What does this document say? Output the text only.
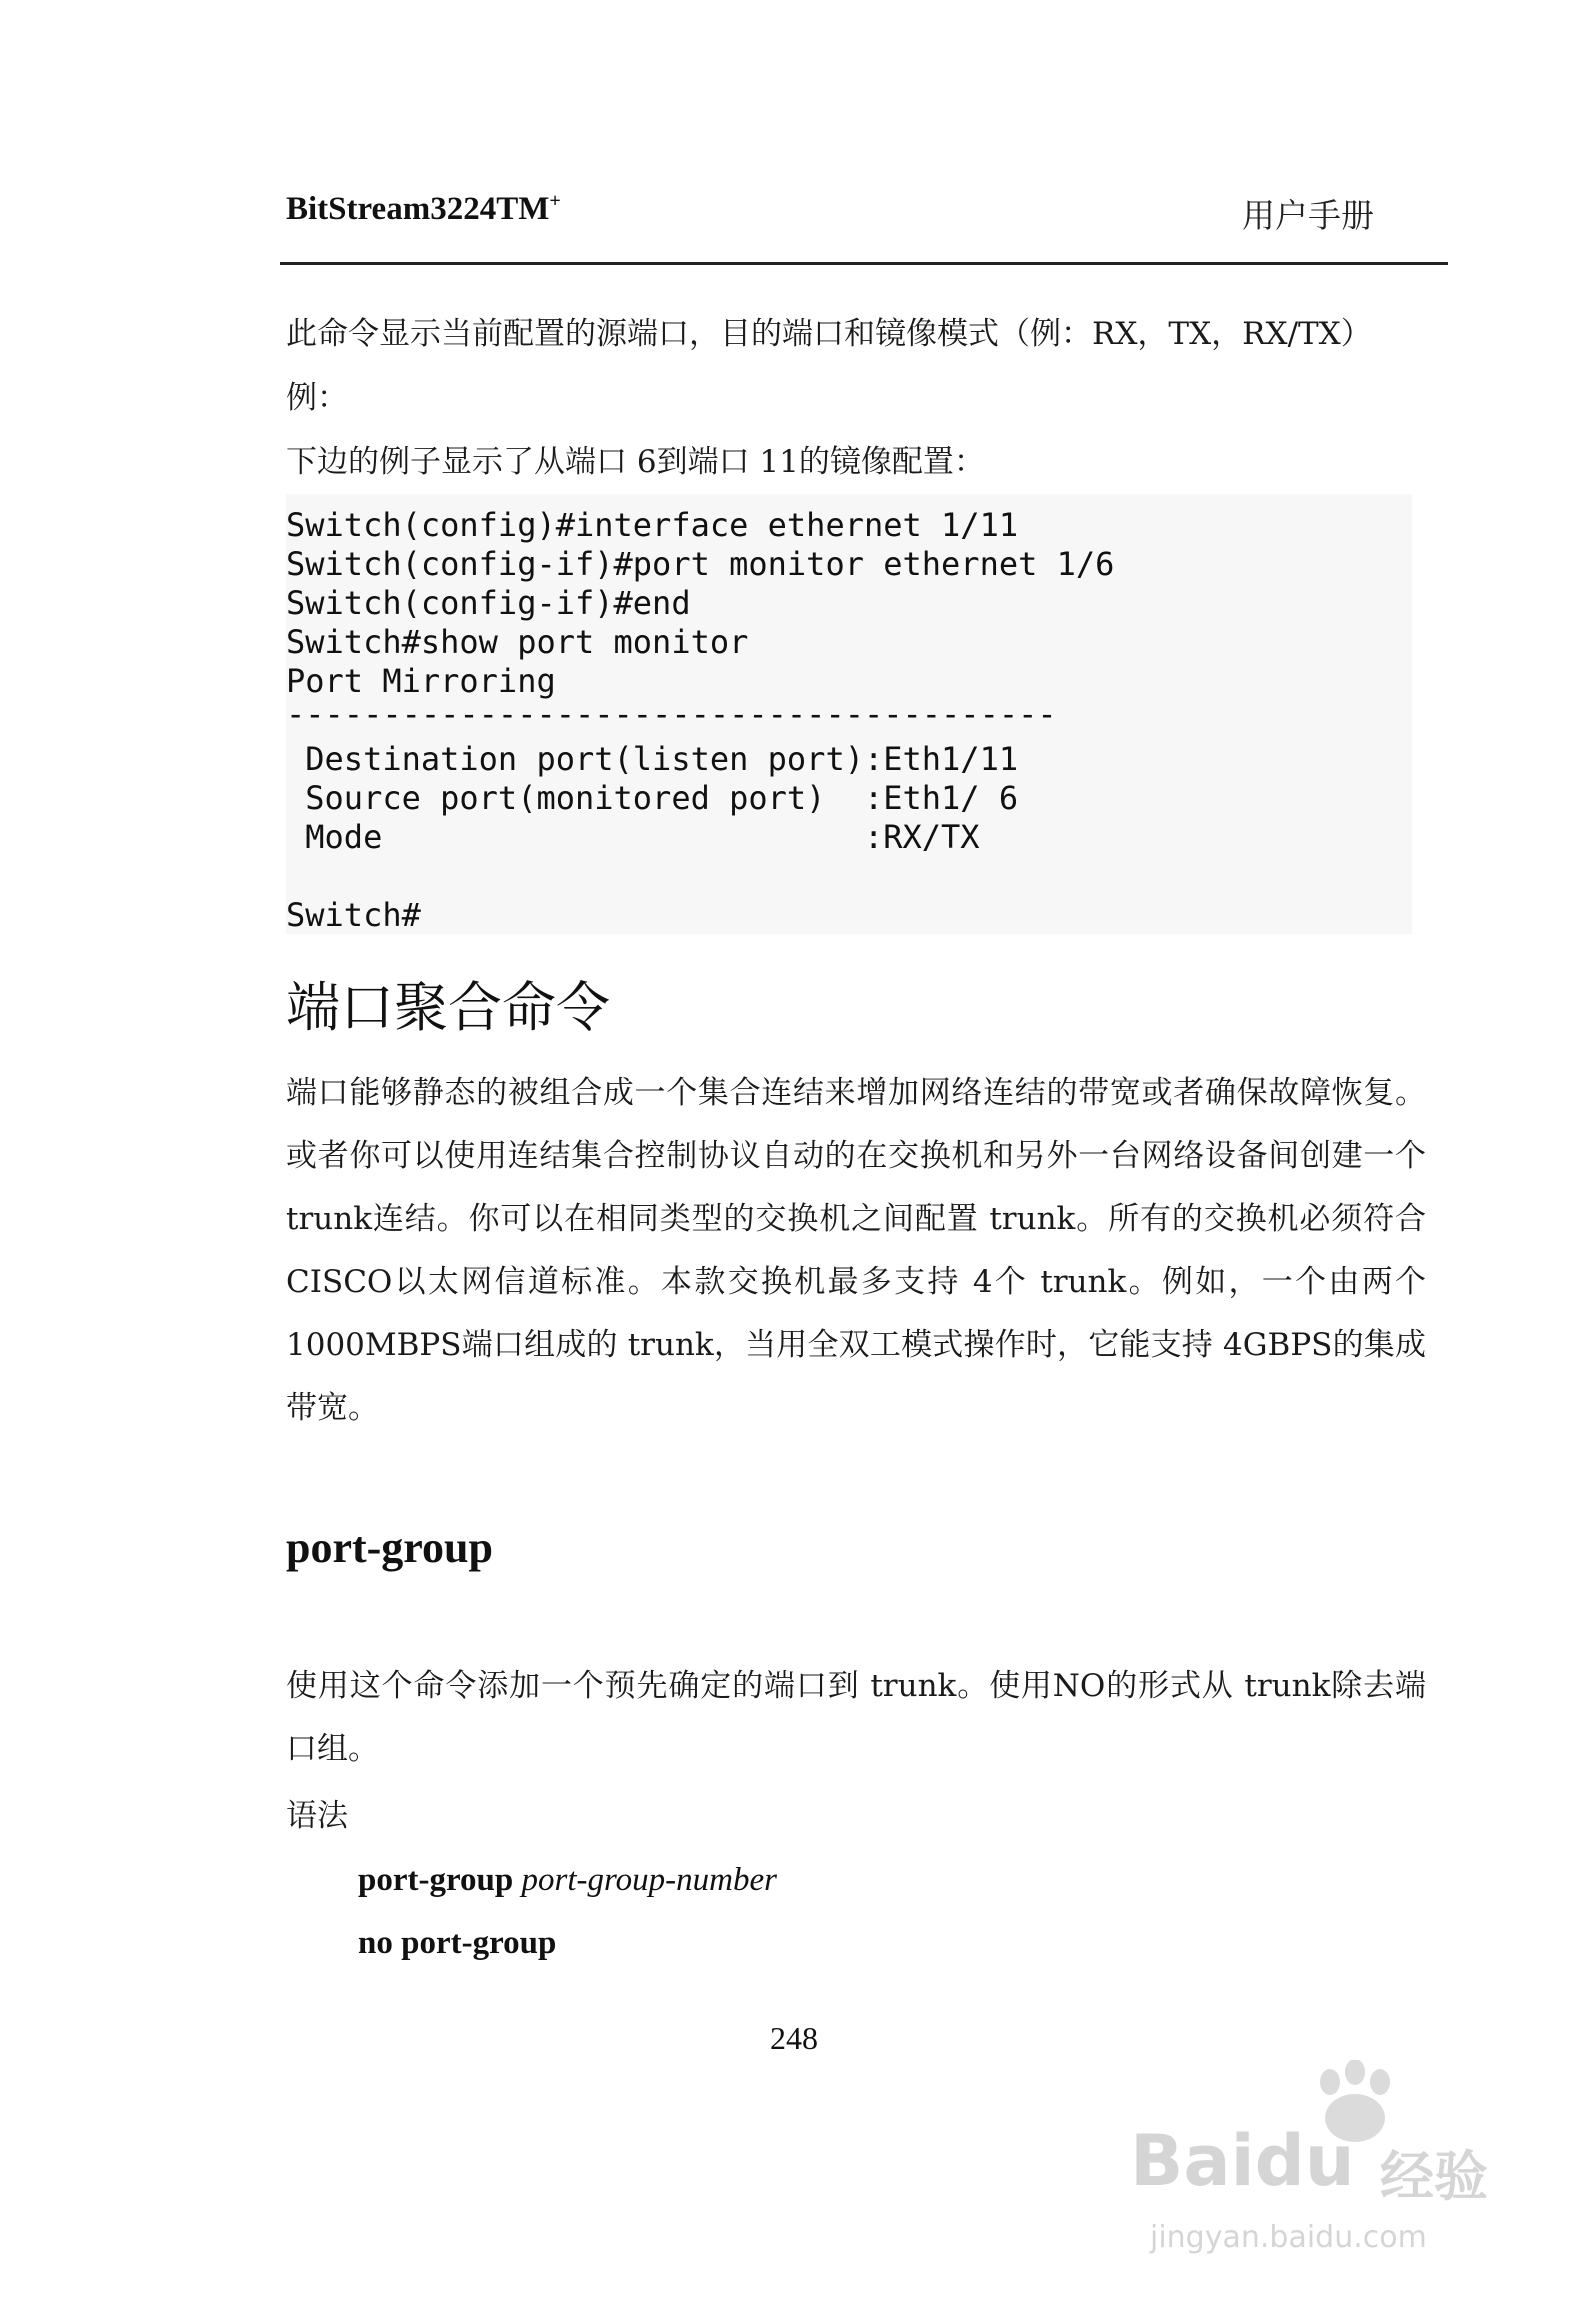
BitStream3224TM+	用户手册
此命令显示当前配置的源端口，目的端口和镜像模式（例：RX，TX，RX/TX）
例：
下边的例子显示了从端口 6到端口 11的镜像配置：
Switch(config)#interface ethernet 1/11
Switch(config-if)#port monitor ethernet 1/6
Switch(config-if)#end
Switch#show port monitor
Port Mirroring
----------------------------------------
Destination port(listen port):Eth1/11
Source port(monitored port)  :Eth1/ 6
Mode                         :RX/TX
Switch#
端口聚合命令

端口能够静态的被组合成一个集合连结来增加网络连结的带宽或者确保故障恢复。或者你可以使用连结集合控制协议自动的在交换机和另外一台网络设备间创建一个 trunk连结。你可以在相同类型的交换机之间配置 trunk。所有的交换机必须符合 CISCO以太网信道标准。本款交换机最多支持 4个 trunk。例如，一个由两个 1000MBPS端口组成的 trunk，当用全双工模式操作时，它能支持 4GBPS的集成带宽。

port-group

使用这个命令添加一个预先确定的端口到 trunk。使用NO的形式从 trunk除去端口组。

语法
port-group port-group-number
no port-group
248
Baidu 经验
jingyan.baidu.com
